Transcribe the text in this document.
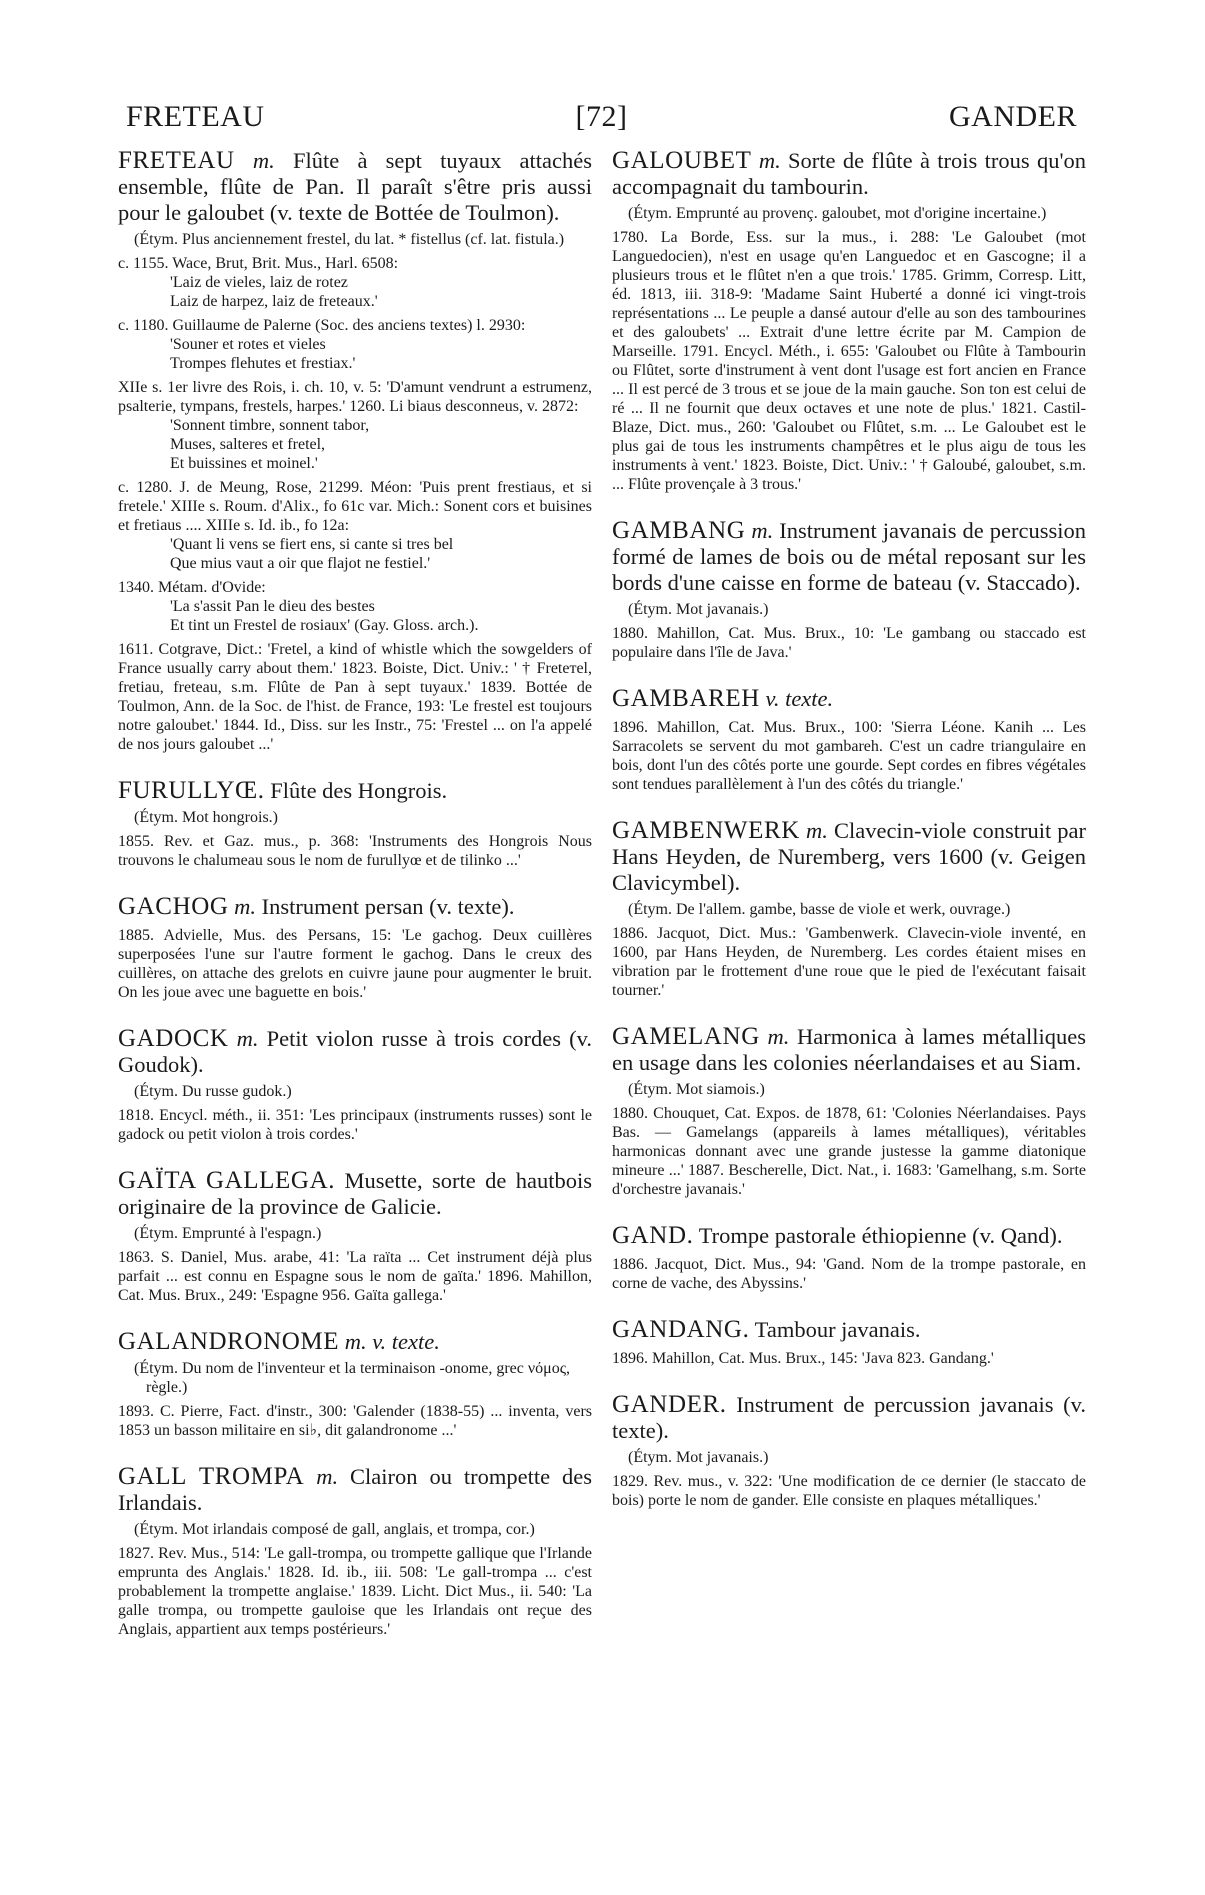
FRETEAU	[72]	GANDER

FRETEAU m. Flûte à sept tuyaux attachés ensemble, flûte de Pan. Il paraît s'être pris aussi pour le galoubet (v. texte de Bottée de Toulmon).

(Étym. Plus anciennement frestel, du lat. * fistellus (cf. lat. fistula.)

c. 1155. Wace, Brut, Brit. Mus., Harl. 6508:

'Laiz de vieles, laiz de rotez

Laiz de harpez, laiz de freteaux.'

c. 1180. Guillaume de Palerne (Soc. des anciens textes) l. 2930:

'Souner et rotes et vieles

Trompes flehutes et frestiax.'

XIIe s. 1er livre des Rois, i. ch. 10, v. 5: 'D'amunt vendrunt a estrumenz, psalterie, tympans, frestels, harpes.' 1260. Li biaus desconneus, v. 2872:

'Sonnent timbre, sonnent tabor,

Muses, salteres et fretel,

Et buissines et moinel.'

c. 1280. J. de Meung, Rose, 21299. Méon: 'Puis prent frestiaus, et si fretele.' XIIIe s. Roum. d'Alix., fo 61c var. Mich.: Sonent cors et buisines et fretiaus .... XIIIe s. Id. ib., fo 12a:

'Quant li vens se fiert ens, si cante si tres bel

Que mius vaut a oir que flajot ne festiel.'

1340. Métam. d'Ovide:

'La s'assit Pan le dieu des bestes

Et tint un Frestel de rosiaux' (Gay. Gloss. arch.).

1611. Cotgrave, Dict.: 'Fretel, a kind of whistle which the sowgelders of France usually carry about them.' 1823. Boiste, Dict. Univ.: ' † Freteтel, fretiau, freteau, s.m. Flûte de Pan à sept tuyaux.' 1839. Bottée de Toulmon, Ann. de la Soc. de l'hist. de France, 193: 'Le frestel est toujours notre galoubet.' 1844. Id., Diss. sur les Instr., 75: 'Frestel ... on l'a appelé de nos jours galoubet ...'

FURULLYŒ. Flûte des Hongrois.

(Étym. Mot hongrois.)

1855. Rev. et Gaz. mus., p. 368: 'Instruments des Hongrois Nous trouvons le chalumeau sous le nom de furullyœ et de tilinko ...'

GACHOG m. Instrument persan (v. texte).

1885. Advielle, Mus. des Persans, 15: 'Le gachog. Deux cuillères superposées l'une sur l'autre forment le gachog. Dans le creux des cuillères, on attache des grelots en cuivre jaune pour augmenter le bruit. On les joue avec une baguette en bois.'

GADOCK m. Petit violon russe à trois cordes (v. Goudok).

(Étym. Du russe gudok.)

1818. Encycl. méth., ii. 351: 'Les principaux (instruments russes) sont le gadock ou petit violon à trois cordes.'

GAÏTA GALLEGA. Musette, sorte de hautbois originaire de la province de Galicie.

(Étym. Emprunté à l'espagn.)

1863. S. Daniel, Mus. arabe, 41: 'La raïta ... Cet instrument déjà plus parfait ... est connu en Espagne sous le nom de gaïta.' 1896. Mahillon, Cat. Mus. Brux., 249: 'Espagne 956. Gaïta gallega.'

GALANDRONOME m. v. texte.

(Étym. Du nom de l'inventeur et la terminaison -onome, grec νόμος, règle.)

1893. C. Pierre, Fact. d'instr., 300: 'Galender (1838-55) ... inventa, vers 1853 un basson militaire en si♭, dit galandronome ...'

GALL TROMPA m. Clairon ou trompette des Irlandais.

(Étym. Mot irlandais composé de gall, anglais, et trompa, cor.)

1827. Rev. Mus., 514: 'Le gall-trompa, ou trompette gallique que l'Irlande emprunta des Anglais.' 1828. Id. ib., iii. 508: 'Le gall-trompa ... c'est probablement la trompette anglaise.' 1839. Licht. Dict Mus., ii. 540: 'La galle trompa, ou trompette gauloise que les Irlandais ont reçue des Anglais, appartient aux temps postérieurs.'

GALOUBET m. Sorte de flûte à trois trous qu'on accompagnait du tambourin.

(Étym. Emprunté au provenç. galoubet, mot d'origine incertaine.)

1780. La Borde, Ess. sur la mus., i. 288: 'Le Galoubet (mot Languedocien), n'est en usage qu'en Languedoc et en Gascogne; il a plusieurs trous et le flûtet n'en a que trois.' 1785. Grimm, Corresp. Litt, éd. 1813, iii. 318-9: 'Madame Saint Huberté a donné ici vingt-trois représentations ... Le peuple a dansé autour d'elle au son des tambourines et des galoubets' ... Extrait d'une lettre écrite par M. Campion de Marseille. 1791. Encycl. Méth., i. 655: 'Galoubet ou Flûte à Tambourin ou Flûtet, sorte d'instrument à vent dont l'usage est fort ancien en France ... Il est percé de 3 trous et se joue de la main gauche. Son ton est celui de ré ... Il ne fournit que deux octaves et une note de plus.' 1821. Castil-Blaze, Dict. mus., 260: 'Galoubet ou Flûtet, s.m. ... Le Galoubet est le plus gai de tous les instruments champêtres et le plus aigu de tous les instruments à vent.' 1823. Boiste, Dict. Univ.: ' † Galoubé, galoubet, s.m. ... Flûte provençale à 3 trous.'

GAMBANG m. Instrument javanais de percussion formé de lames de bois ou de métal reposant sur les bords d'une caisse en forme de bateau (v. Staccado).

(Étym. Mot javanais.)

1880. Mahillon, Cat. Mus. Brux., 10: 'Le gambang ou staccado est populaire dans l'île de Java.'

GAMBAREH v. texte.

1896. Mahillon, Cat. Mus. Brux., 100: 'Sierra Léone. Kanih ... Les Sarracolets se servent du mot gambareh. C'est un cadre triangulaire en bois, dont l'un des côtés porte une gourde. Sept cordes en fibres végétales sont tendues parallèlement à l'un des côtés du triangle.'

GAMBENWERK m. Clavecin-viole construit par Hans Heyden, de Nuremberg, vers 1600 (v. Geigen Clavicymbel).

(Étym. De l'allem. gambe, basse de viole et werk, ouvrage.)

1886. Jacquot, Dict. Mus.: 'Gambenwerk. Clavecin-viole inventé, en 1600, par Hans Heyden, de Nuremberg. Les cordes étaient mises en vibration par le frottement d'une roue que le pied de l'exécutant faisait tourner.'

GAMELANG m. Harmonica à lames métalliques en usage dans les colonies néerlandaises et au Siam.

(Étym. Mot siamois.)

1880. Chouquet, Cat. Expos. de 1878, 61: 'Colonies Néerlandaises. Pays Bas. — Gamelangs (appareils à lames métalliques), véritables harmonicas donnant avec une grande justesse la gamme diatonique mineure ...' 1887. Bescherelle, Dict. Nat., i. 1683: 'Gamelhang, s.m. Sorte d'orchestre javanais.'

GAND. Trompe pastorale éthiopienne (v. Qand).

1886. Jacquot, Dict. Mus., 94: 'Gand. Nom de la trompe pastorale, en corne de vache, des Abyssins.'

GANDANG. Tambour javanais.

1896. Mahillon, Cat. Mus. Brux., 145: 'Java 823. Gandang.'

GANDER. Instrument de percussion javanais (v. texte).

(Étym. Mot javanais.)

1829. Rev. mus., v. 322: 'Une modification de ce dernier (le staccato de bois) porte le nom de gander. Elle consiste en plaques métalliques.'
